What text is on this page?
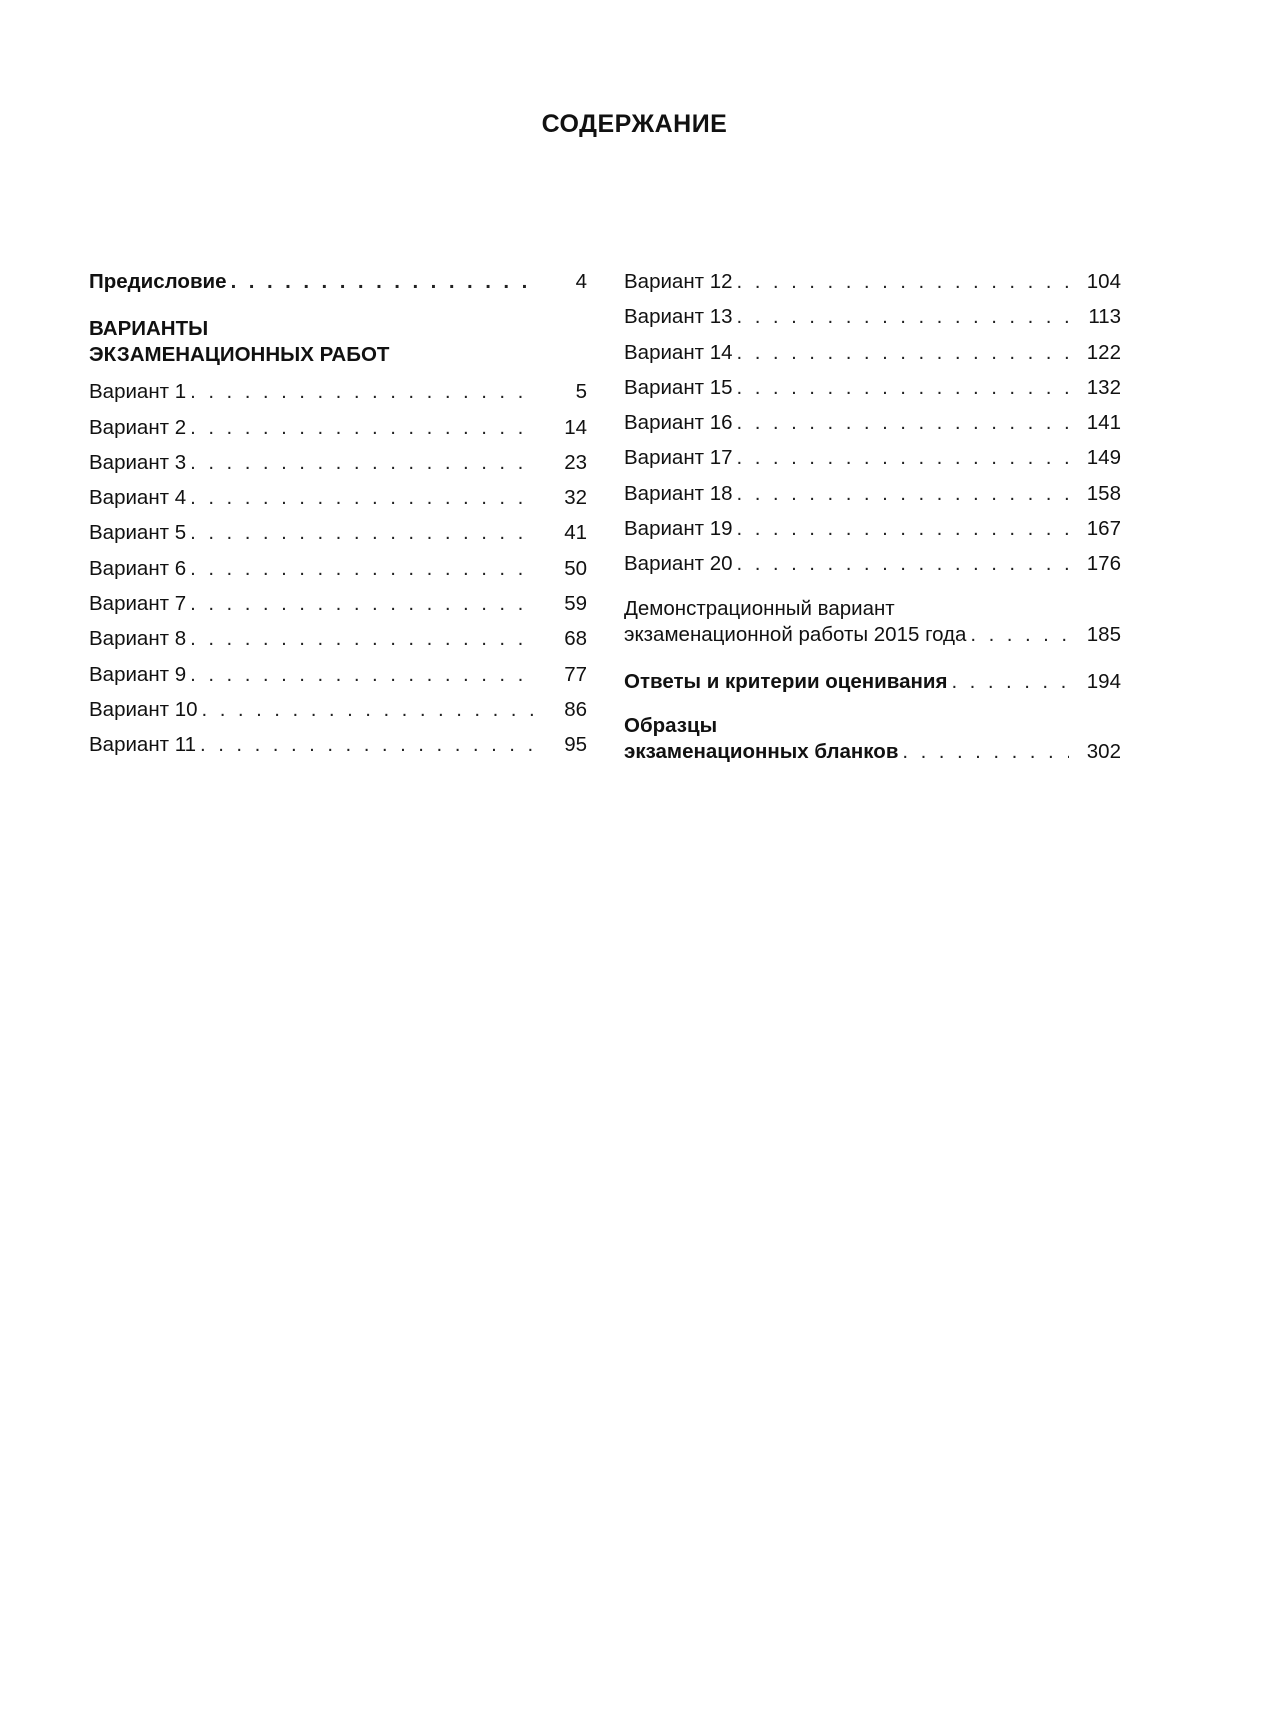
СОДЕРЖАНИЕ
Предисловие . . .	4
ВАРИАНТЫ
ЭКЗАМЕНАЦИОННЫХ РАБОТ
Вариант 1 . . .	5
Вариант 2 . . .	14
Вариант 3 . . .	23
Вариант 4 . . .	32
Вариант 5 . . .	41
Вариант 6 . . .	50
Вариант 7 . . .	59
Вариант 8 . . .	68
Вариант 9 . . .	77
Вариант 10 . . .	86
Вариант 11 . . .	95
Вариант 12 . . .	104
Вариант 13 . . .	113
Вариант 14 . . .	122
Вариант 15 . . .	132
Вариант 16 . . .	141
Вариант 17 . . .	149
Вариант 18 . . .	158
Вариант 19 . . .	167
Вариант 20 . . .	176
Демонстрационный вариант
экзаменационной работы 2015 года . . .	185
Ответы и критерии оценивания . . .	194
Образцы
экзаменационных бланков . . .	302
